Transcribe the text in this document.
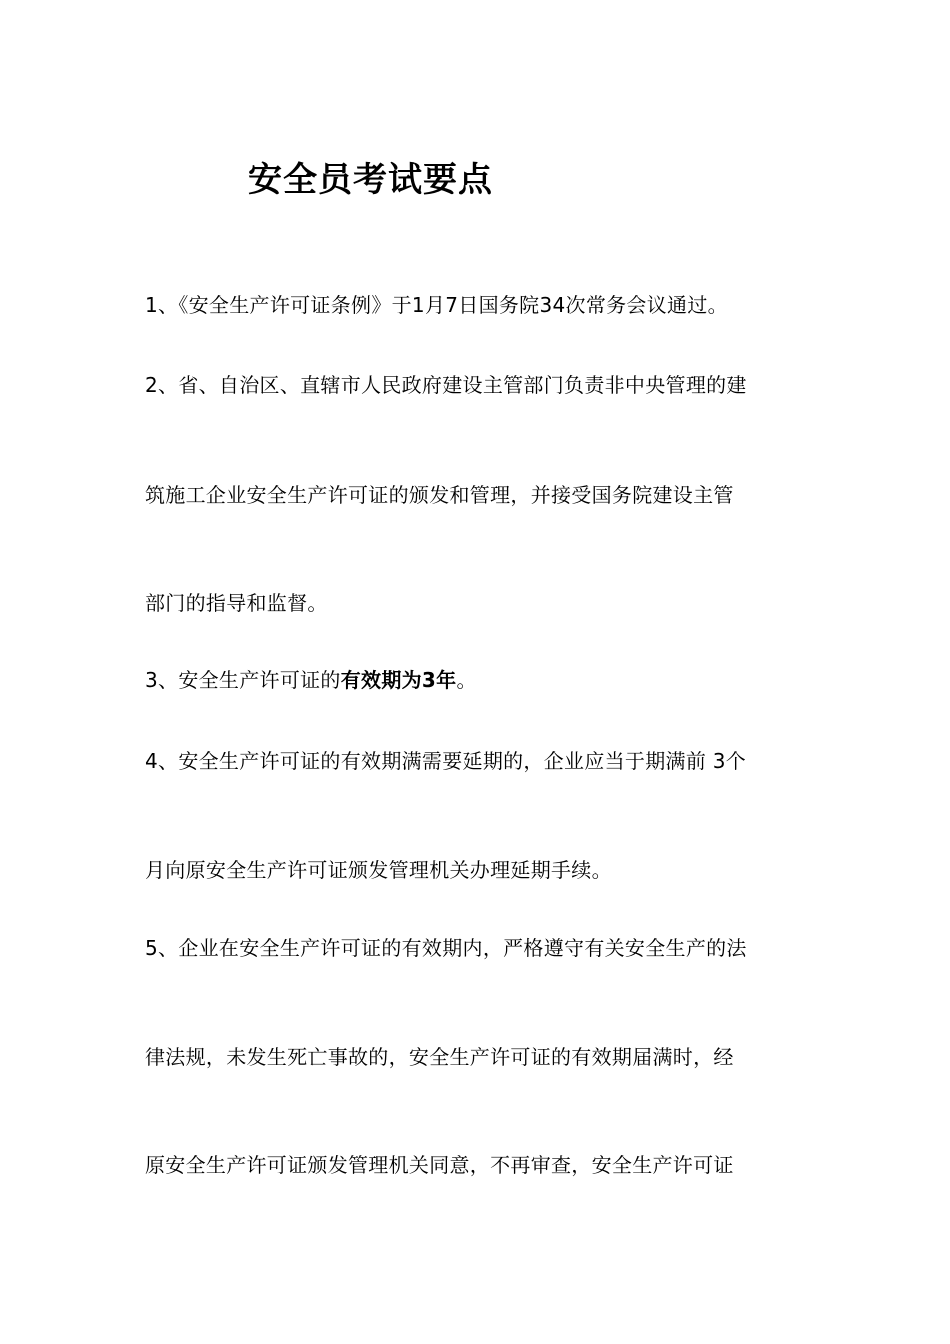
安全员考试要点
1、《安全生产许可证条例》于1月7日国务院34次常务会议通过。
2、省、自治区、直辖市人民政府建设主管部门负责非中央管理的建
筑施工企业安全生产许可证的颁发和管理，并接受国务院建设主管
部门的指导和监督。
3、安全生产许可证的有效期为3年。
4、安全生产许可证的有效期满需要延期的，企业应当于期满前 3个
月向原安全生产许可证颁发管理机关办理延期手续。
5、企业在安全生产许可证的有效期内，严格遵守有关安全生产的法
律法规，未发生死亡事故的，安全生产许可证的有效期届满时，经
原安全生产许可证颁发管理机关同意，不再审查，安全生产许可证
